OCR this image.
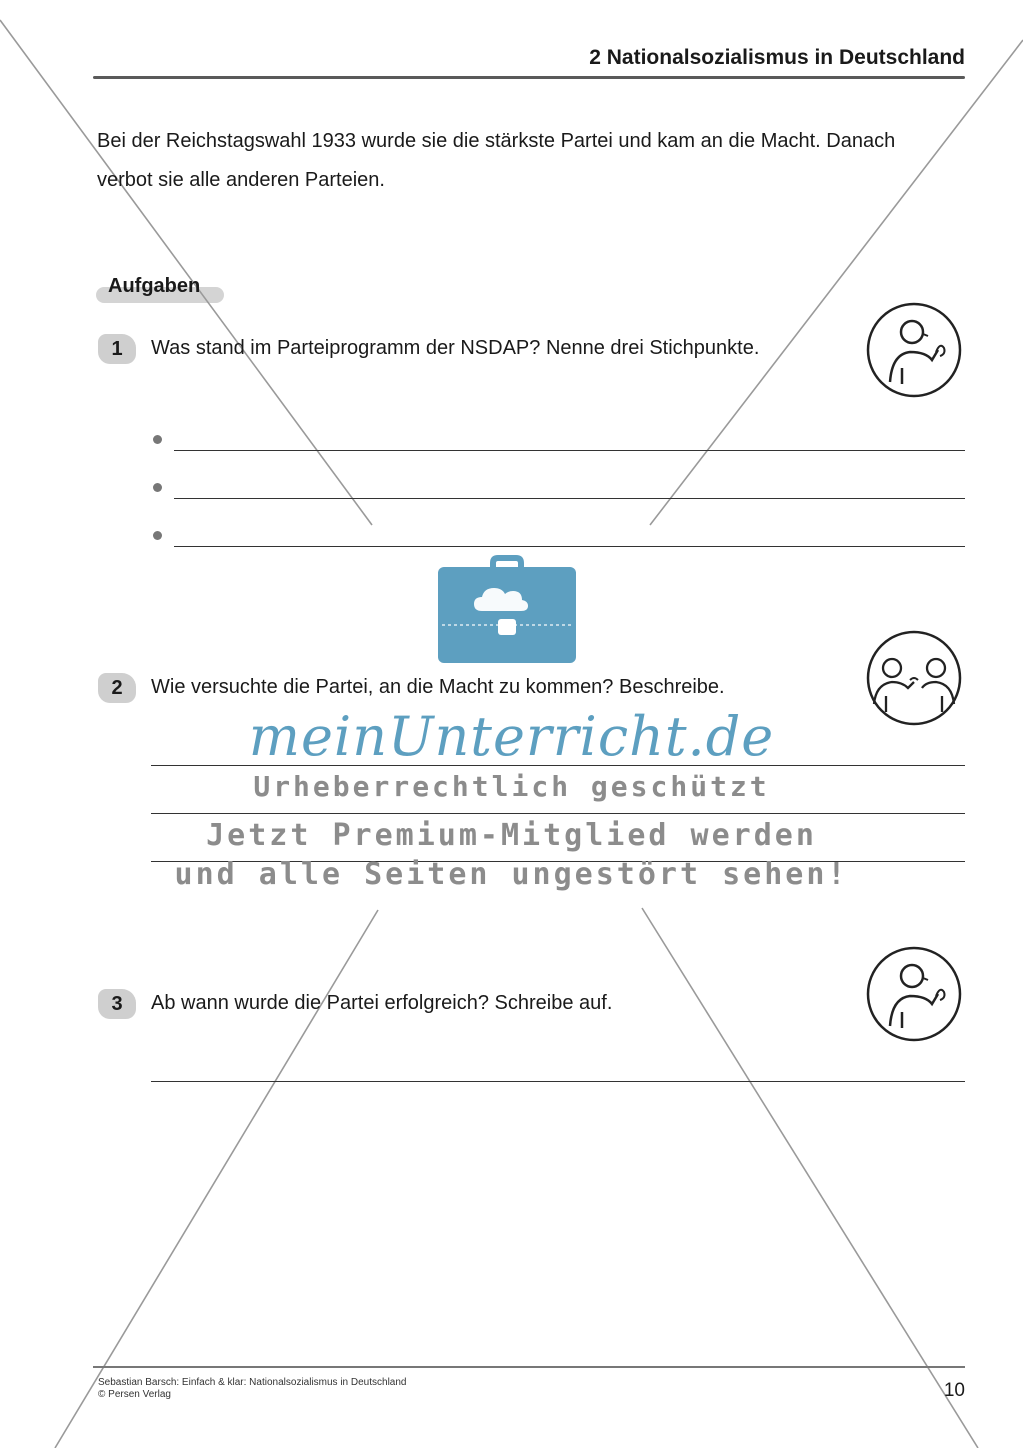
2 Nationalsozialismus in Deutschland
Bei der Reichstagswahl 1933 wurde sie die stärkste Partei und kam an die Macht. Danach verbot sie alle anderen Parteien.
Aufgaben
1	Was stand im Parteiprogramm der NSDAP? Nenne drei Stichpunkte.
2	Wie versuchte die Partei, an die Macht zu kommen? Beschreibe.
meinUnterricht.de
Urheberrechtlich geschützt
Jetzt Premium-Mitglied werden
und alle Seiten ungestört sehen!
3	Ab wann wurde die Partei erfolgreich? Schreibe auf.
Sebastian Barsch: Einfach & klar: Nationalsozialismus in Deutschland
© Persen Verlag	10
